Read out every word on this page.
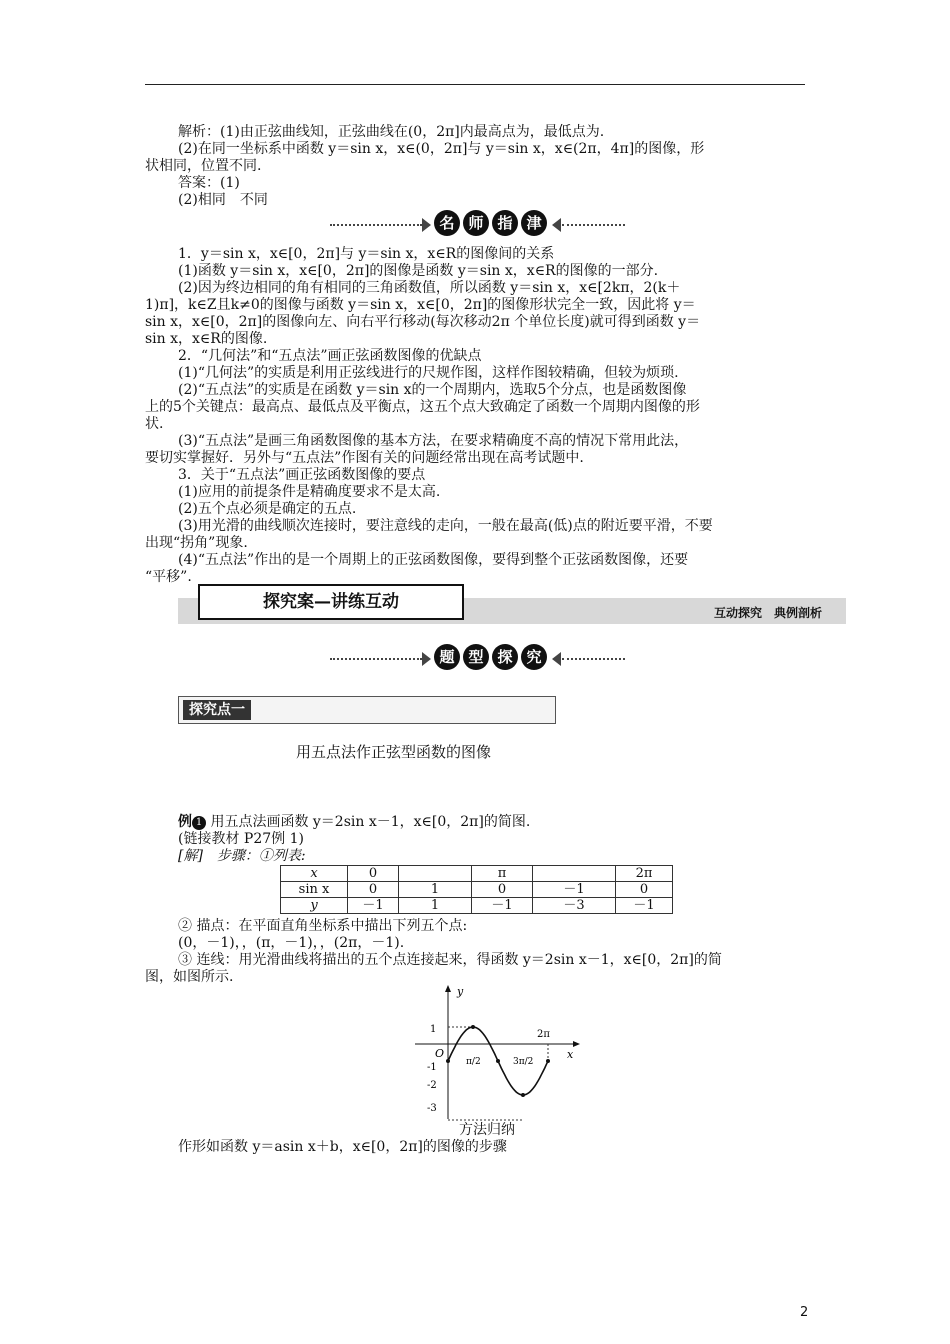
解析：(1)由正弦曲线知，正弦曲线在(0，2π]内最高点为，最低点为.
(2)在同一坐标系中函数 y＝sin x，x∈(0，2π]与 y＝sin x，x∈(2π，4π]的图像，形
状相同，位置不同.
答案：(1)
(2)相同　不同
名 师 指 津
1．y＝sin x，x∈[0，2π]与 y＝sin x，x∈R的图像间的关系
(1)函数 y＝sin x，x∈[0，2π]的图像是函数 y＝sin x，x∈R的图像的一部分.
(2)因为终边相同的角有相同的三角函数值，所以函数 y＝sin x，x∈[2kπ，2(k＋
1)π]，k∈Z且k≠0的图像与函数 y＝sin x，x∈[0，2π]的图像形状完全一致，因此将 y＝
sin x，x∈[0，2π]的图像向左、向右平行移动(每次移动2π 个单位长度)就可得到函数 y＝
sin x，x∈R的图像.
2．“几何法”和“五点法”画正弦函数图像的优缺点
(1)“几何法”的实质是利用正弦线进行的尺规作图，这样作图较精确，但较为烦琐.
(2)“五点法”的实质是在函数 y＝sin x的一个周期内，选取5个分点，也是函数图像
上的5个关键点：最高点、最低点及平衡点，这五个点大致确定了函数一个周期内图像的形
状.
(3)“五点法”是画三角函数图像的基本方法，在要求精确度不高的情况下常用此法，
要切实掌握好．另外与“五点法”作图有关的问题经常出现在高考试题中.
3．关于“五点法”画正弦函数图像的要点
(1)应用的前提条件是精确度要求不是太高.
(2)五个点必须是确定的五点.
(3)用光滑的曲线顺次连接时，要注意线的走向，一般在最高(低)点的附近要平滑，不要
出现“拐角”现象.
(4)“五点法”作出的是一个周期上的正弦函数图像，要得到整个正弦函数图像，还要
“平移”.
互动探究　典例剖析
探究案—讲练互动
题 型 探 究
探究点一
用五点法作正弦型函数的图像
例 1 用五点法画函数 y＝2sin x－1，x∈[0，2π]的简图.
(链接教材 P27例 1)
[解]　步骤：①列表:
x	0		π		2π
sin x	0	1	0	－1	0
y	－1	1	－1	－3	－1
② 描点：在平面直角坐标系中描出下列五个点:
(0，－1)，，(π，－1)，，(2π，－1).
③ 连线：用光滑曲线将描出的五个点连接起来，得函数 y＝2sin x－1，x∈[0，2π]的简
图，如图所示.
y
x
O
1
-1
-2
-3
π/2	3π/2
2π
方法归纳
作形如函数 y＝asin x＋b，x∈[0，2π]的图像的步骤
2
